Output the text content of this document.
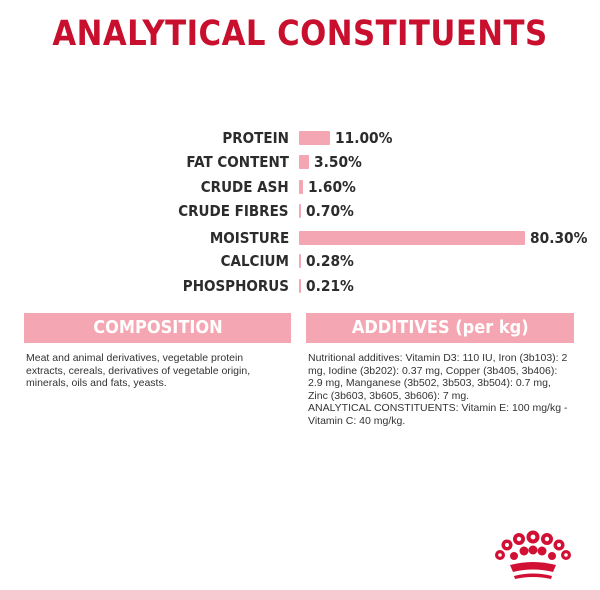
ANALYTICAL CONSTITUENTS
PROTEIN	11.00%
FAT CONTENT 3.50%
CRUDE ASH 1.60%
CRUDE FIBRES 0.70%
MOISTURE	80.30%
CALCIUM 0.28%
PHOSPHORUS 0.21%
COMPOSITION	ADDITIVES (per kg)
Meat and animal derivatives, vegetable protein extracts, cereals, derivatives of vegetable origin, minerals, oils and fats, yeasts.
Nutritional additives: Vitamin D3: 110 IU, Iron (3b103): 2 mg, Iodine (3b202): 0.37 mg, Copper (3b405, 3b406): 2.9 mg, Manganese (3b502, 3b503, 3b504): 0.7 mg, Zinc (3b603, 3b605, 3b606): 7 mg.
ANALYTICAL CONSTITUENTS: Vitamin E: 100 mg/kg - Vitamin C: 40 mg/kg.
